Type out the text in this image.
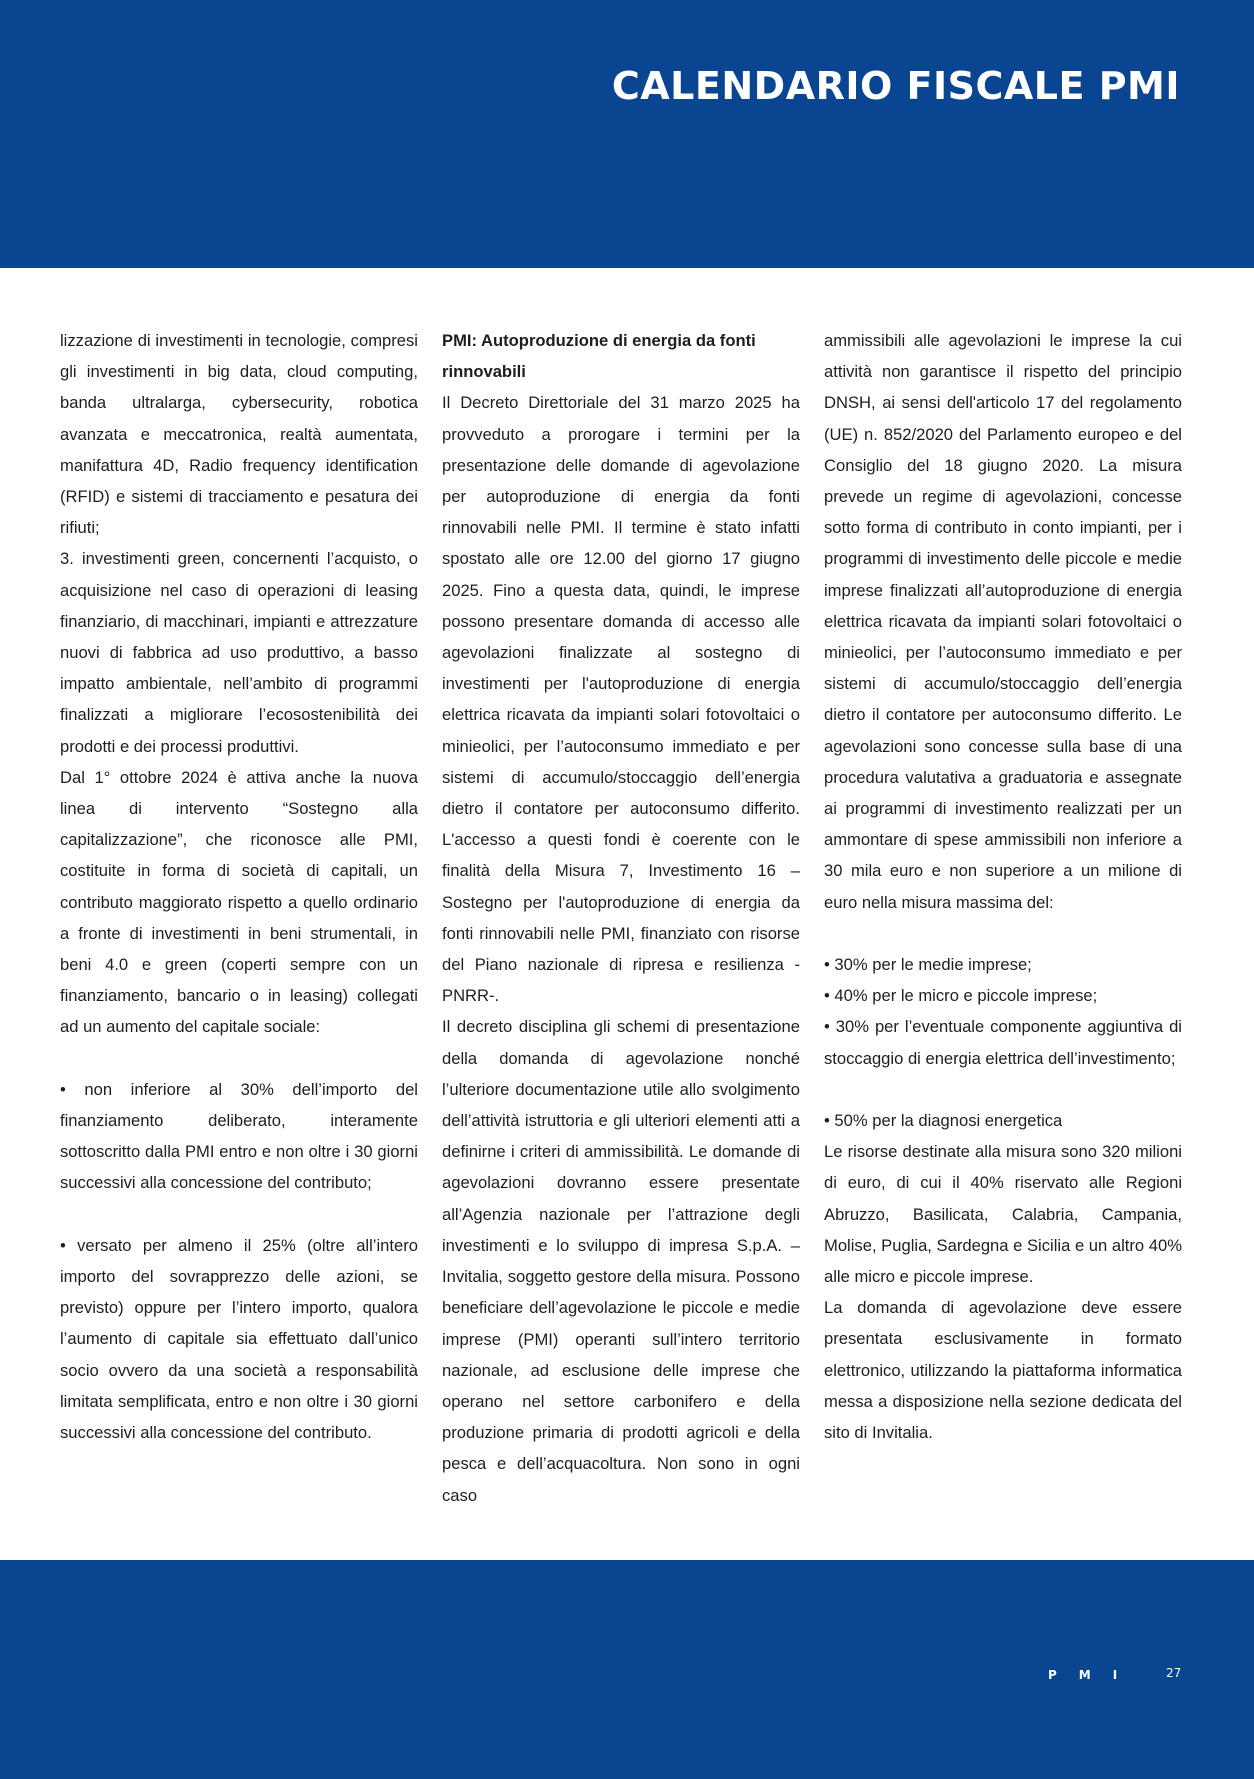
CALENDARIO FISCALE PMI

lizzazione di investimenti in tecnologie, compresi gli investimenti in big data, cloud computing, banda ultralarga, cybersecurity, robotica avanzata e meccatronica, realtà aumentata, manifattura 4D, Radio frequency identification (RFID) e sistemi di tracciamento e pesatura dei rifiuti;

3. investimenti green, concernenti l’acquisto, o acquisizione nel caso di operazioni di leasing finanziario, di macchinari, impianti e attrezzature nuovi di fabbrica ad uso produttivo, a basso impatto ambientale, nell’ambito di programmi finalizzati a migliorare l’ecosostenibilità dei prodotti e dei processi produttivi.

Dal 1° ottobre 2024 è attiva anche la nuova linea di intervento “Sostegno alla capitalizzazione”, che riconosce alle PMI, costituite in forma di società di capitali, un contributo maggiorato rispetto a quello ordinario a fronte di investimenti in beni strumentali, in beni 4.0 e green (coperti sempre con un finanziamento, bancario o in leasing) collegati ad un aumento del capitale sociale:

• non inferiore al 30% dell’importo del finanziamento deliberato, interamente sottoscritto dalla PMI entro e non oltre i 30 giorni successivi alla concessione del contributo;

• versato per almeno il 25% (oltre all’intero importo del sovrapprezzo delle azioni, se previsto) oppure per l’intero importo, qualora l’aumento di capitale sia effettuato dall’unico socio ovvero da una società a responsabilità limitata semplificata, entro e non oltre i 30 giorni successivi alla concessione del contributo.

PMI: Autoproduzione di energia da fonti rinnovabili

Il Decreto Direttoriale del 31 marzo 2025 ha provveduto a prorogare i termini per la presentazione delle domande di agevolazione per autoproduzione di energia da fonti rinnovabili nelle PMI. Il termine è stato infatti spostato alle ore 12.00 del giorno 17 giugno 2025. Fino a questa data, quindi, le imprese possono presentare domanda di accesso alle agevolazioni finalizzate al sostegno di investimenti per l'autoproduzione di energia elettrica ricavata da impianti solari fotovoltaici o minieolici, per l’autoconsumo immediato e per sistemi di accumulo/stoccaggio dell’energia dietro il contatore per autoconsumo differito. L'accesso a questi fondi è coerente con le finalità della Misura 7, Investimento 16 – Sostegno per l'autoproduzione di energia da fonti rinnovabili nelle PMI, finanziato con risorse del Piano nazionale di ripresa e resilienza - PNRR-.

Il decreto disciplina gli schemi di presentazione della domanda di agevolazione nonché l’ulteriore documentazione utile allo svolgimento dell’attività istruttoria e gli ulteriori elementi atti a definirne i criteri di ammissibilità. Le domande di agevolazioni dovranno essere presentate all’Agenzia nazionale per l’attrazione degli investimenti e lo sviluppo di impresa S.p.A. – Invitalia, soggetto gestore della misura. Possono beneficiare dell’agevolazione le piccole e medie imprese (PMI) operanti sull’intero territorio nazionale, ad esclusione delle imprese che operano nel settore carbonifero e della produzione primaria di prodotti agricoli e della pesca e dell’acquacoltura. Non sono in ogni caso

ammissibili alle agevolazioni le imprese la cui attività non garantisce il rispetto del principio DNSH, ai sensi dell'articolo 17 del regolamento (UE) n. 852/2020 del Parlamento europeo e del Consiglio del 18 giugno 2020. La misura prevede un regime di agevolazioni, concesse sotto forma di contributo in conto impianti, per i programmi di investimento delle piccole e medie imprese finalizzati all’autoproduzione di energia elettrica ricavata da impianti solari fotovoltaici o minieolici, per l’autoconsumo immediato e per sistemi di accumulo/stoccaggio dell’energia dietro il contatore per autoconsumo differito. Le agevolazioni sono concesse sulla base di una procedura valutativa a graduatoria e assegnate ai programmi di investimento realizzati per un ammontare di spese ammissibili non inferiore a 30 mila euro e non superiore a un milione di euro nella misura massima del:

• 30% per le medie imprese;

• 40% per le micro e piccole imprese;

• 30% per l’eventuale componente aggiuntiva di stoccaggio di energia elettrica dell’investimento;

• 50% per la diagnosi energetica

Le risorse destinate alla misura sono 320 milioni di euro, di cui il 40% riservato alle Regioni Abruzzo, Basilicata, Calabria, Campania, Molise, Puglia, Sardegna e Sicilia e un altro 40% alle micro e piccole imprese.

La domanda di agevolazione deve essere presentata esclusivamente in formato elettronico, utilizzando la piattaforma informatica messa a disposizione nella sezione dedicata del sito di Invitalia.

PMI 27
